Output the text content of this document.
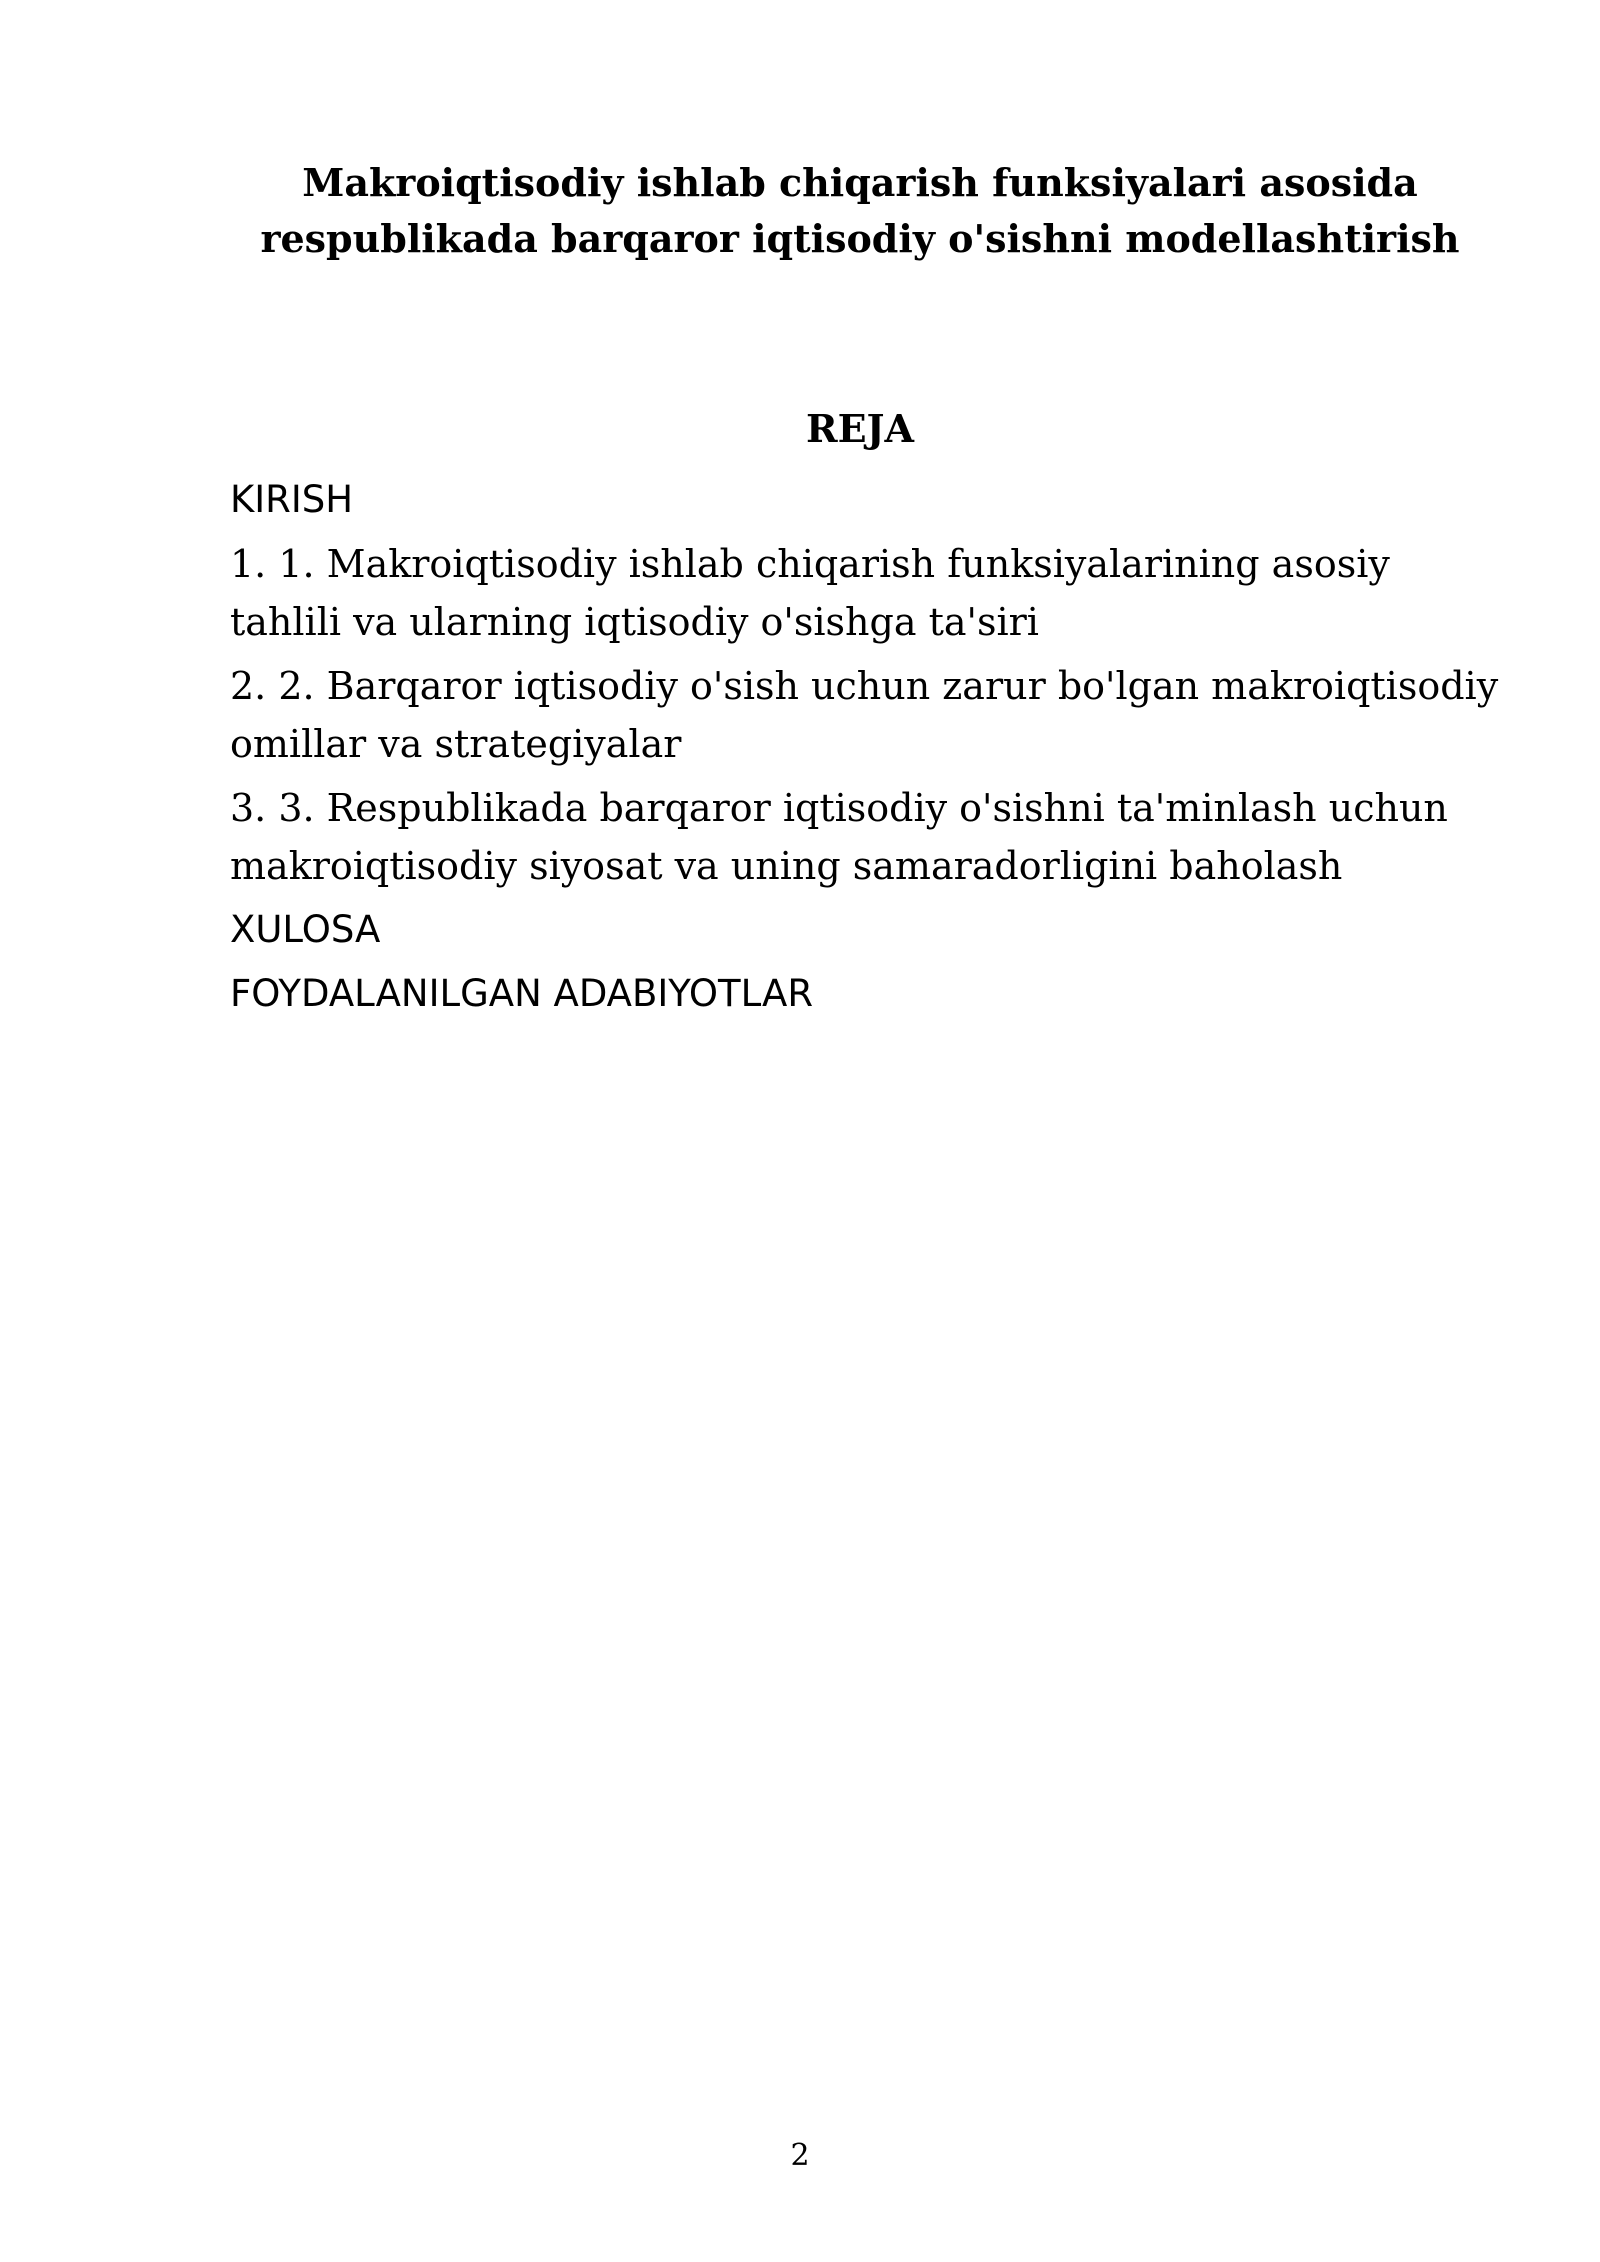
Makroiqtisodiy ishlab chiqarish funksiyalari asosida
respublikada barqaror iqtisodiy o'sishni modellashtirish
REJA
KIRISH
1. 1. Makroiqtisodiy ishlab chiqarish funksiyalarining asosiy
tahlili va ularning iqtisodiy o'sishga ta'siri
2. 2. Barqaror iqtisodiy o'sish uchun zarur bo'lgan makroiqtisodiy
omillar va strategiyalar
3. 3. Respublikada barqaror iqtisodiy o'sishni ta'minlash uchun
makroiqtisodiy siyosat va uning samaradorligini baholash
XULOSA
FOYDALANILGAN ADABIYOTLAR
2
